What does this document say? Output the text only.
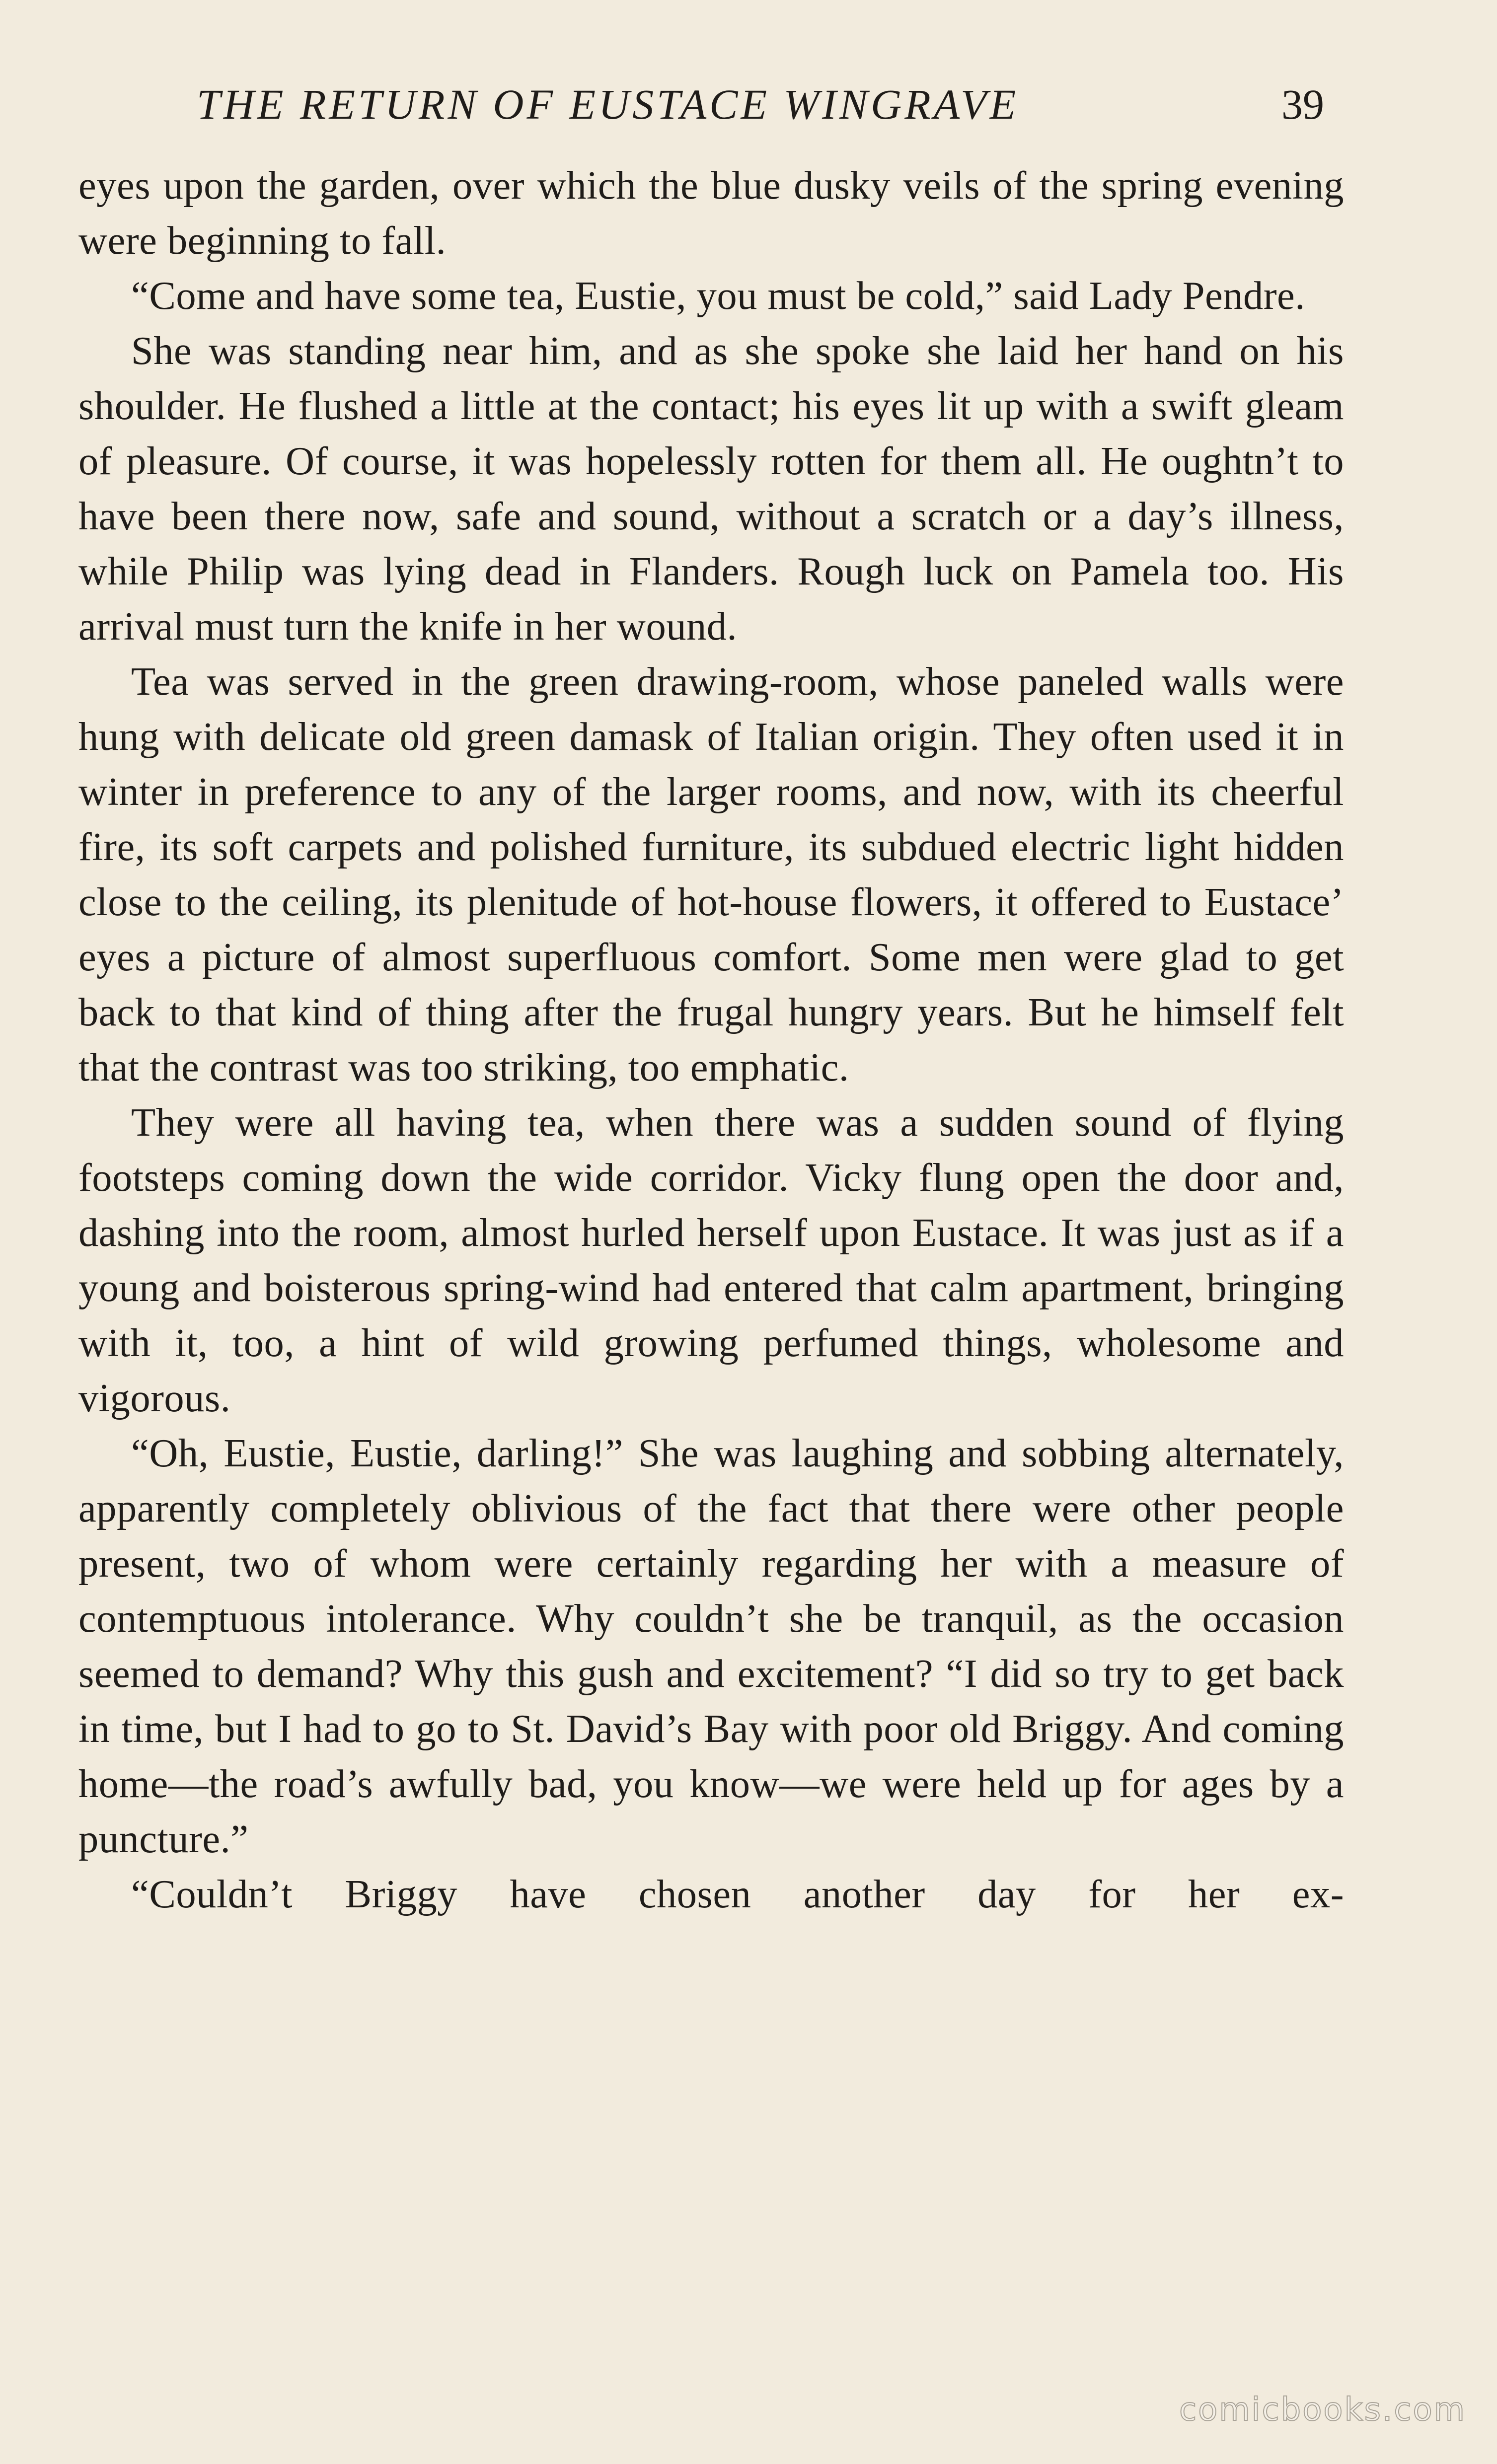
THE RETURN OF EUSTACE WINGRAVE	39

eyes upon the garden, over which the blue dusky veils of the spring evening were beginning to fall.

“Come and have some tea, Eustie, you must be cold,” said Lady Pendre.

She was standing near him, and as she spoke she laid her hand on his shoulder. He flushed a little at the contact; his eyes lit up with a swift gleam of pleasure. Of course, it was hopelessly rotten for them all. He oughtn’t to have been there now, safe and sound, without a scratch or a day’s illness, while Philip was lying dead in Flanders. Rough luck on Pamela too. His arrival must turn the knife in her wound.

Tea was served in the green drawing-room, whose paneled walls were hung with delicate old green damask of Italian origin. They often used it in winter in preference to any of the larger rooms, and now, with its cheerful fire, its soft carpets and polished furniture, its subdued electric light hidden close to the ceiling, its plenitude of hot-house flowers, it offered to Eustace’ eyes a picture of almost superfluous comfort. Some men were glad to get back to that kind of thing after the frugal hungry years. But he himself felt that the contrast was too striking, too emphatic.

They were all having tea, when there was a sudden sound of flying footsteps coming down the wide corridor. Vicky flung open the door and, dashing into the room, almost hurled herself upon Eustace. It was just as if a young and boisterous spring-wind had entered that calm apartment, bringing with it, too, a hint of wild growing perfumed things, wholesome and vigorous.

“Oh, Eustie, Eustie, darling!” She was laughing and sobbing alternately, apparently completely oblivious of the fact that there were other people present, two of whom were certainly regarding her with a measure of contemptuous intolerance. Why couldn’t she be tranquil, as the occasion seemed to demand? Why this gush and excitement? “I did so try to get back in time, but I had to go to St. David’s Bay with poor old Briggy. And coming home—the road’s awfully bad, you know—we were held up for ages by a puncture.”

“Couldn’t Briggy have chosen another day for her ex-

comicbooks.com
